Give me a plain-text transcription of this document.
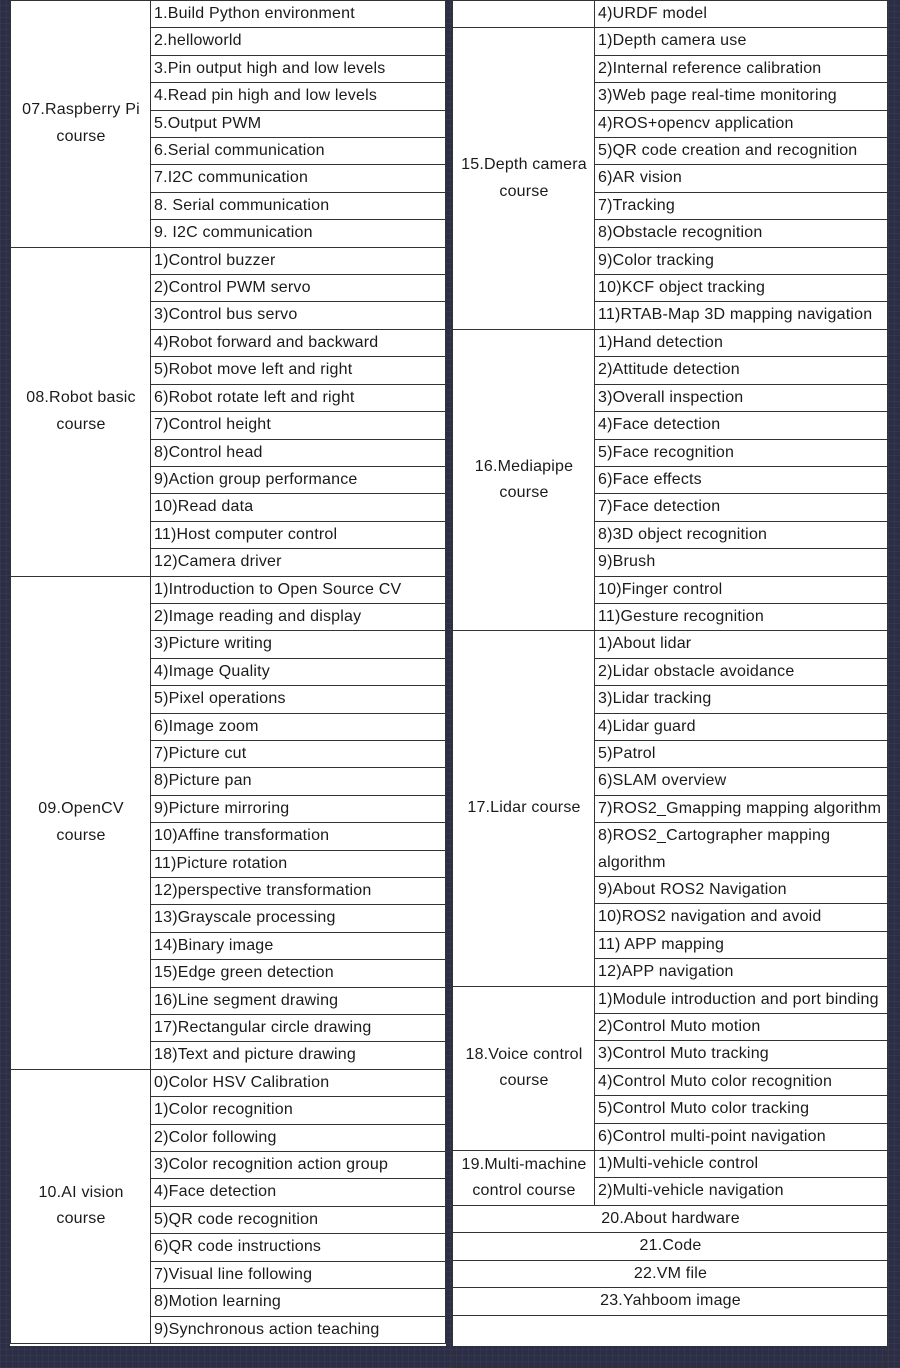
07.Raspberry Pi course	1.Build Python environment
	2.helloworld
	3.Pin output high and low levels
	4.Read pin high and low levels
	5.Output PWM
	6.Serial communication
	7.I2C communication
	8. Serial communication
	9. I2C communication
08.Robot basic course	1)Control buzzer
	2)Control PWM servo
	3)Control bus servo
	4)Robot forward and backward
	5)Robot move left and right
	6)Robot rotate left and right
	7)Control height
	8)Control head
	9)Action group performance
	10)Read data
	11)Host computer control
	12)Camera driver
09.OpenCV course	1)Introduction to Open Source CV
	2)Image reading and display
	3)Picture writing
	4)Image Quality
	5)Pixel operations
	6)Image zoom
	7)Picture cut
	8)Picture pan
	9)Picture mirroring
	10)Affine transformation

	11)Picture rotation
	12)perspective transformation
	13)Grayscale processing
	14)Binary image
	15)Edge green detection

	16)Line segment drawing
	17)Rectangular circle drawing
	18)Text and picture drawing
10.AI vision course	0)Color HSV Calibration
	1)Color recognition
	2)Color following
	3)Color recognition action group
	4)Face detection
	5)QR code recognition
	6)QR code instructions
	7)Visual line following
	8)Motion learning
	9)Synchronous action teaching
	4)URDF model
15.Depth camera course	1)Depth camera use
	2)Internal reference calibration
	3)Web page real-time monitoring
	4)ROS+opencv application
	5)QR code creation and recognition
	6)AR vision
	7)Tracking
	8)Obstacle recognition
	9)Color tracking
	10)KCF object tracking
	11)RTAB-Map 3D mapping navigation
16.Mediapipe course	1)Hand detection
	2)Attitude detection
	3)Overall inspection
	4)Face detection
	5)Face recognition
	6)Face effects
	7)Face detection
	8)3D object recognition
	9)Brush
	10)Finger control
	11)Gesture recognition
17.Lidar course	1)About lidar
	2)Lidar obstacle avoidance
	3)Lidar tracking
	4)Lidar guard
	5)Patrol
	6)SLAM overview
	7)ROS2_Gmapping mapping algorithm
	8)ROS2_Cartographer mapping algorithm

	9)About ROS2 Navigation
	10)ROS2 navigation and avoid
	11) APP mapping
	12)APP navigation
18.Voice control course	1)Module introduction and port binding

	2)Control Muto motion
	3)Control Muto tracking
	4)Control Muto color recognition
	5)Control Muto color tracking
	6)Control multi-point navigation
19.Multi-machine control course	1)Multi-vehicle control
	2)Multi-vehicle navigation
20.About hardware	
21.Code	
22.VM file	
23.Yahboom image	
